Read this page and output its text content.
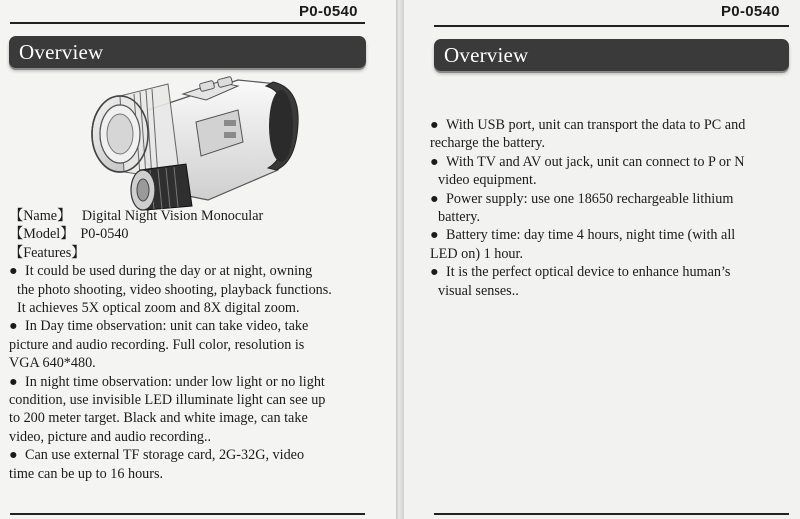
P0-0540
Overview
【Name】 Digital Night Vision Monocular
【Model】 P0-0540
【Features】

● It could be used during the day or at night, owning
the photo shooting, video shooting, playback functions.
It achieves 5X optical zoom and 8X digital zoom.

● In Day time observation: unit can take video, take
picture and audio recording. Full color, resolution is
VGA 640*480.

● In night time observation: under low light or no light
condition, use invisible LED illuminate light can see up
to 200 meter target. Black and white image, can take
video, picture and audio recording..

● Can use external TF storage card, 2G-32G, video
time can be up to 16 hours.

P0-0540
Overview

● With USB port, unit can transport the data to PC and
recharge the battery.

● With TV and AV out jack, unit can connect to P or N
video equipment.

● Power supply: use one 18650 rechargeable lithium
battery.

● Battery time: day time 4 hours, night time (with all
LED on) 1 hour.

● It is the perfect optical device to enhance human’s
visual senses..
